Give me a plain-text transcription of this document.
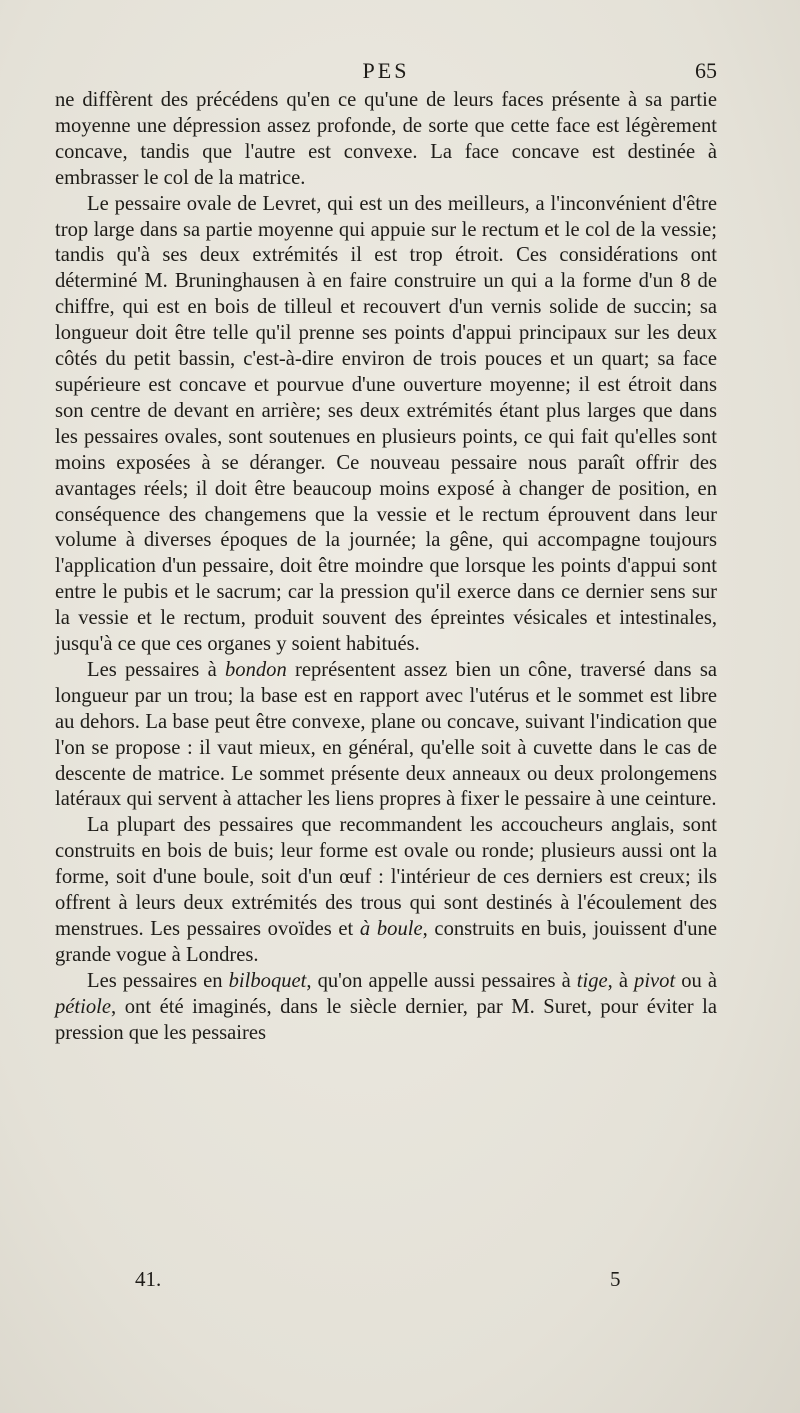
PES	65

ne diffèrent des précédens qu'en ce qu'une de leurs faces présente à sa partie moyenne une dépression assez profonde, de sorte que cette face est légèrement concave, tandis que l'autre est convexe. La face concave est destinée à embrasser le col de la matrice.

Le pessaire ovale de Levret, qui est un des meilleurs, a l'inconvénient d'être trop large dans sa partie moyenne qui appuie sur le rectum et le col de la vessie; tandis qu'à ses deux extrémités il est trop étroit. Ces considérations ont déterminé M. Bruninghausen à en faire construire un qui a la forme d'un 8 de chiffre, qui est en bois de tilleul et recouvert d'un vernis solide de succin; sa longueur doit être telle qu'il prenne ses points d'appui principaux sur les deux côtés du petit bassin, c'est-à-dire environ de trois pouces et un quart; sa face supérieure est concave et pourvue d'une ouverture moyenne; il est étroit dans son centre de devant en arrière; ses deux extrémités étant plus larges que dans les pessaires ovales, sont soutenues en plusieurs points, ce qui fait qu'elles sont moins exposées à se déranger. Ce nouveau pessaire nous paraît offrir des avantages réels; il doit être beaucoup moins exposé à changer de position, en conséquence des changemens que la vessie et le rectum éprouvent dans leur volume à diverses époques de la journée; la gêne, qui accompagne toujours l'application d'un pessaire, doit être moindre que lorsque les points d'appui sont entre le pubis et le sacrum; car la pression qu'il exerce dans ce dernier sens sur la vessie et le rectum, produit souvent des épreintes vésicales et intestinales, jusqu'à ce que ces organes y soient habitués.

Les pessaires à bondon représentent assez bien un cône, traversé dans sa longueur par un trou; la base est en rapport avec l'utérus et le sommet est libre au dehors. La base peut être convexe, plane ou concave, suivant l'indication que l'on se propose : il vaut mieux, en général, qu'elle soit à cuvette dans le cas de descente de matrice. Le sommet présente deux anneaux ou deux prolongemens latéraux qui servent à attacher les liens propres à fixer le pessaire à une ceinture.

La plupart des pessaires que recommandent les accoucheurs anglais, sont construits en bois de buis; leur forme est ovale ou ronde; plusieurs aussi ont la forme, soit d'une boule, soit d'un œuf : l'intérieur de ces derniers est creux; ils offrent à leurs deux extrémités des trous qui sont destinés à l'écoulement des menstrues. Les pessaires ovoïdes et à boule, construits en buis, jouissent d'une grande vogue à Londres.

Les pessaires en bilboquet, qu'on appelle aussi pessaires à tige, à pivot ou à pétiole, ont été imaginés, dans le siècle dernier, par M. Suret, pour éviter la pression que les pessaires

41.	5
